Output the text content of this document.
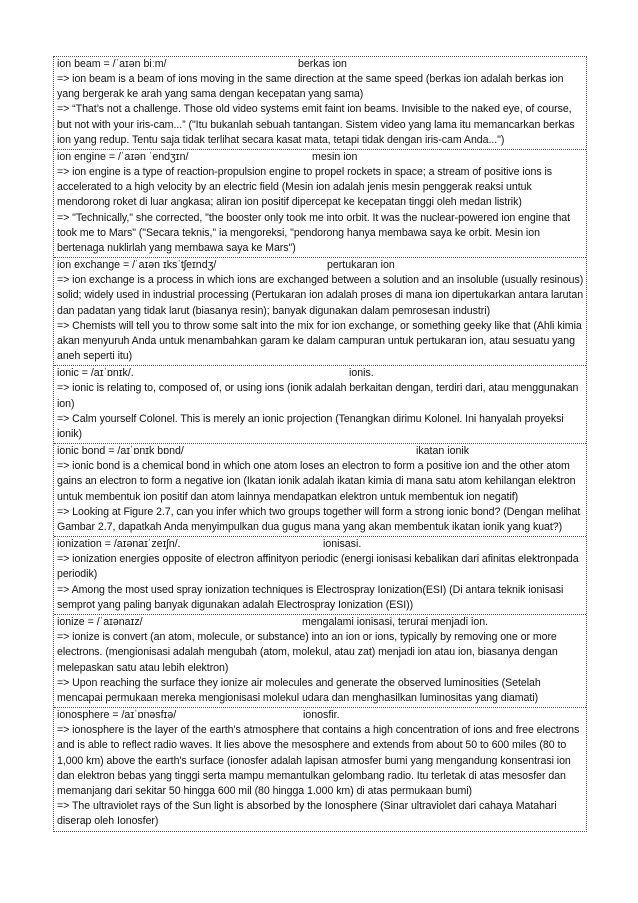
ion beam = /ˈaɪən biːm/	berkas ion

=> ion beam is a beam of ions moving in the same direction at the same speed (berkas ion adalah berkas ion yang bergerak ke arah yang sama dengan kecepatan yang sama)

=> “That’s not a challenge. Those old video systems emit faint ion beams. Invisible to the naked eye, of course, but not with your iris-cam...” ("Itu bukanlah sebuah tantangan. Sistem video yang lama itu memancarkan berkas ion yang redup. Tentu saja tidak terlihat secara kasat mata, tetapi tidak dengan iris-cam Anda...")

ion engine = /ˈaɪən ˈendʒɪn/	mesin ion

=> ion engine is a type of reaction-propulsion engine to propel rockets in space; a stream of positive ions is accelerated to a high velocity by an electric field (Mesin ion adalah jenis mesin penggerak reaksi untuk mendorong roket di luar angkasa; aliran ion positif dipercepat ke kecepatan tinggi oleh medan listrik)

=> "Technically," she corrected, "the booster only took me into orbit. It was the nuclear-powered ion engine that took me to Mars" ("Secara teknis," ia mengoreksi, "pendorong hanya membawa saya ke orbit. Mesin ion bertenaga nuklirlah yang membawa saya ke Mars")

ion exchange = /ˈaɪən ɪksˈtʃeɪndʒ/	pertukaran ion

=> ion exchange is a process in which ions are exchanged between a solution and an insoluble (usually resinous) solid; widely used in industrial processing (Pertukaran ion adalah proses di mana ion dipertukarkan antara larutan dan padatan yang tidak larut (biasanya resin); banyak digunakan dalam pemrosesan industri)

=> Chemists will tell you to throw some salt into the mix for ion exchange, or something geeky like that (Ahli kimia akan menyuruh Anda untuk menambahkan garam ke dalam campuran untuk pertukaran ion, atau sesuatu yang aneh seperti itu)

ionic = /aɪˈɒnɪk/.	ionis.

=> ionic is relating to, composed of, or using ions (ionik adalah berkaitan dengan, terdiri dari, atau menggunakan ion)

=> Calm yourself Colonel. This is merely an ionic projection (Tenangkan dirimu Kolonel. Ini hanyalah proyeksi ionik)

ionic bond = /aɪˈɒnɪk bɒnd/	ikatan ionik

=> ionic bond is a chemical bond in which one atom loses an electron to form a positive ion and the other atom gains an electron to form a negative ion (Ikatan ionik adalah ikatan kimia di mana satu atom kehilangan elektron untuk membentuk ion positif dan atom lainnya mendapatkan elektron untuk membentuk ion negatif)

=> Looking at Figure 2.7, can you infer which two groups together will form a strong ionic bond? (Dengan melihat Gambar 2.7, dapatkah Anda menyimpulkan dua gugus mana yang akan membentuk ikatan ionik yang kuat?)

ionization = /aɪənaɪˈzeɪʃn/.	ionisasi.

=> ionization energies opposite of electron affinityon periodic (energi ionisasi kebalikan dari afinitas elektronpada periodik)

=> Among the most used spray ionization techniques is Electrospray Ionization(ESI) (Di antara teknik ionisasi semprot yang paling banyak digunakan adalah Electrospray Ionization (ESI))

ionize = /ˈaɪənaɪz/	mengalami ionisasi, terurai menjadi ion.

=> ionize is convert (an atom, molecule, or substance) into an ion or ions, typically by removing one or more electrons. (mengionisasi adalah mengubah (atom, molekul, atau zat) menjadi ion atau ion, biasanya dengan melepaskan satu atau lebih elektron)

=> Upon reaching the surface they ionize air molecules and generate the observed luminosities (Setelah mencapai permukaan mereka mengionisasi molekul udara dan menghasilkan luminositas yang diamati)

ionosphere = /aɪˈɒnəsfɪə/	ionosfir.

=> ionosphere is the layer of the earth's atmosphere that contains a high concentration of ions and free electrons and is able to reflect radio waves. It lies above the mesosphere and extends from about 50 to 600 miles (80 to 1,000 km) above the earth's surface (ionosfer adalah lapisan atmosfer bumi yang mengandung konsentrasi ion dan elektron bebas yang tinggi serta mampu memantulkan gelombang radio. Itu terletak di atas mesosfer dan memanjang dari sekitar 50 hingga 600 mil (80 hingga 1.000 km) di atas permukaan bumi)

=> The ultraviolet rays of the Sun light is absorbed by the Ionosphere (Sinar ultraviolet dari cahaya Matahari diserap oleh Ionosfer)
